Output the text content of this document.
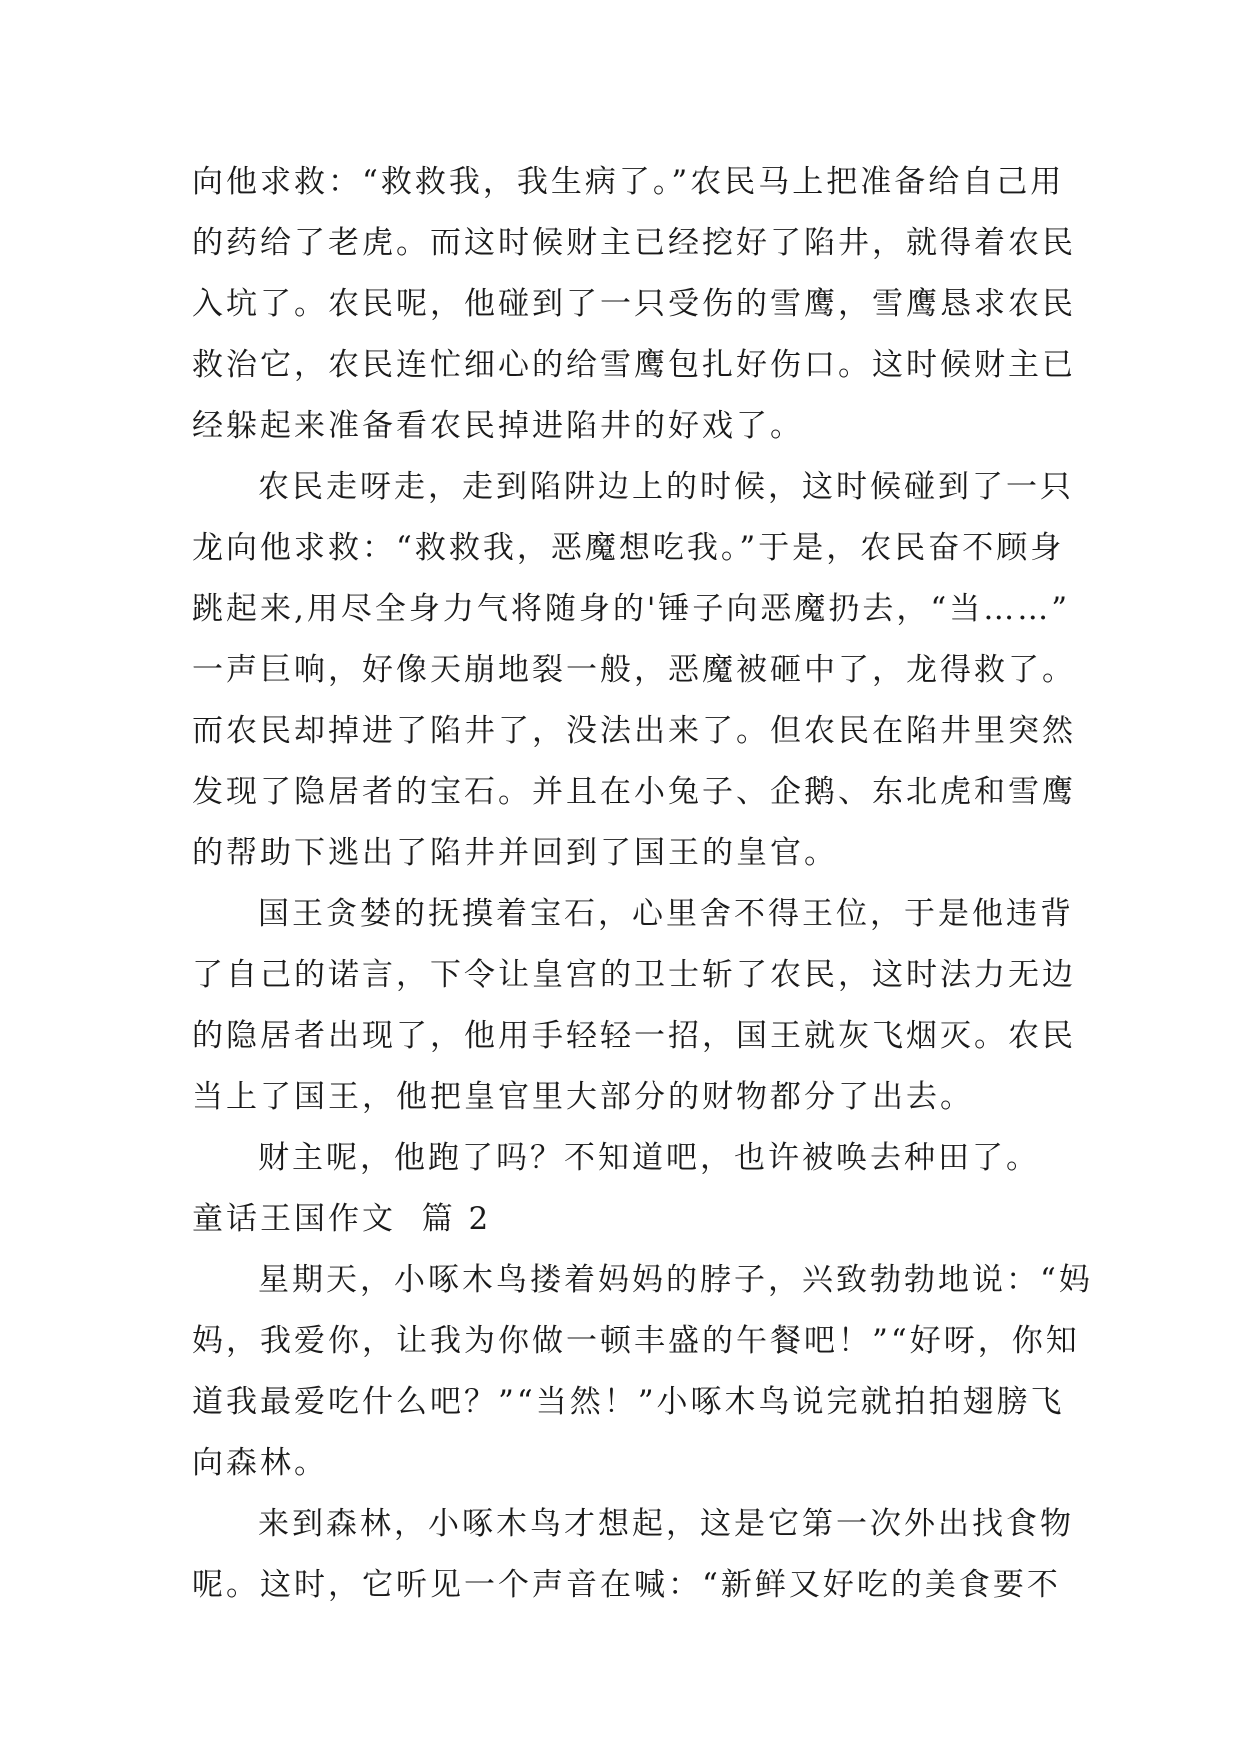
向他求救：“救救我，我生病了。”农民马上把准备给自己用
的药给了老虎。而这时候财主已经挖好了陷井，就得着农民
入坑了。农民呢，他碰到了一只受伤的雪鹰，雪鹰恳求农民
救治它，农民连忙细心的给雪鹰包扎好伤口。这时候财主已
经躲起来准备看农民掉进陷井的好戏了。
农民走呀走，走到陷阱边上的时候，这时候碰到了一只
龙向他求救：“救救我，恶魔想吃我。”于是，农民奋不顾身
跳起来,用尽全身力气将随身的'锤子向恶魔扔去，“当……”
一声巨响，好像天崩地裂一般，恶魔被砸中了，龙得救了。
而农民却掉进了陷井了，没法出来了。但农民在陷井里突然
发现了隐居者的宝石。并且在小兔子、企鹅、东北虎和雪鹰
的帮助下逃出了陷井并回到了国王的皇官。
国王贪婪的抚摸着宝石，心里舍不得王位，于是他违背
了自己的诺言，下令让皇宫的卫士斩了农民，这时法力无边
的隐居者出现了，他用手轻轻一招，国王就灰飞烟灭。农民
当上了国王，他把皇官里大部分的财物都分了出去。
财主呢，他跑了吗？不知道吧，也许被唤去种田了。
童话王国作文  篇 2
星期天，小啄木鸟搂着妈妈的脖子，兴致勃勃地说：“妈
妈，我爱你，让我为你做一顿丰盛的午餐吧！”“好呀，你知
道我最爱吃什么吧？”“当然！”小啄木鸟说完就拍拍翅膀飞
向森林。
来到森林，小啄木鸟才想起，这是它第一次外出找食物
呢。这时，它听见一个声音在喊：“新鲜又好吃的美食要不
